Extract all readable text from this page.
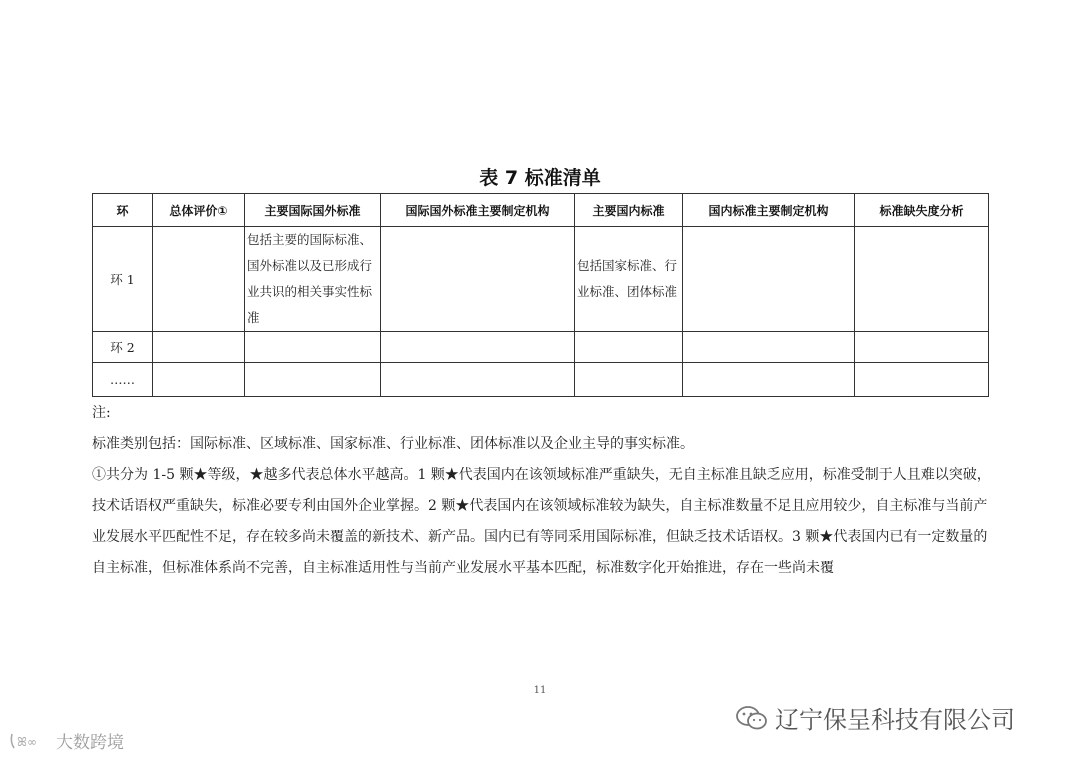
表 7 标准清单
环	总体评价①	主要国际国外标准	国际国外标准主要制定机构	主要国内标准	国内标准主要制定机构	标准缺失度分析
环 1		包括主要的国际标准、国外标准以及已形成行业共识的相关事实性标准		包括国家标准、行业标准、团体标准		
环 2						
……						

注:

标准类别包括：国际标准、区域标准、国家标准、行业标准、团体标准以及企业主导的事实标准。

①共分为 1-5 颗★等级，★越多代表总体水平越高。1 颗★代表国内在该领域标准严重缺失，无自主标准且缺乏应用，标准受制于人且难以突破，技术话语权严重缺失，标准必要专利由国外企业掌握。2 颗★代表国内在该领域标准较为缺失，自主标准数量不足且应用较少，自主标准与当前产业发展水平匹配性不足，存在较多尚未覆盖的新技术、新产品。国内已有等同采用国际标准，但缺乏技术话语权。3 颗★代表国内已有一定数量的自主标准，但标准体系尚不完善，自主标准适用性与当前产业发展水平基本匹配，标准数字化开始推进，存在一些尚未覆

11
辽宁保呈科技有限公司
ꕤ∞ 大数跨境
